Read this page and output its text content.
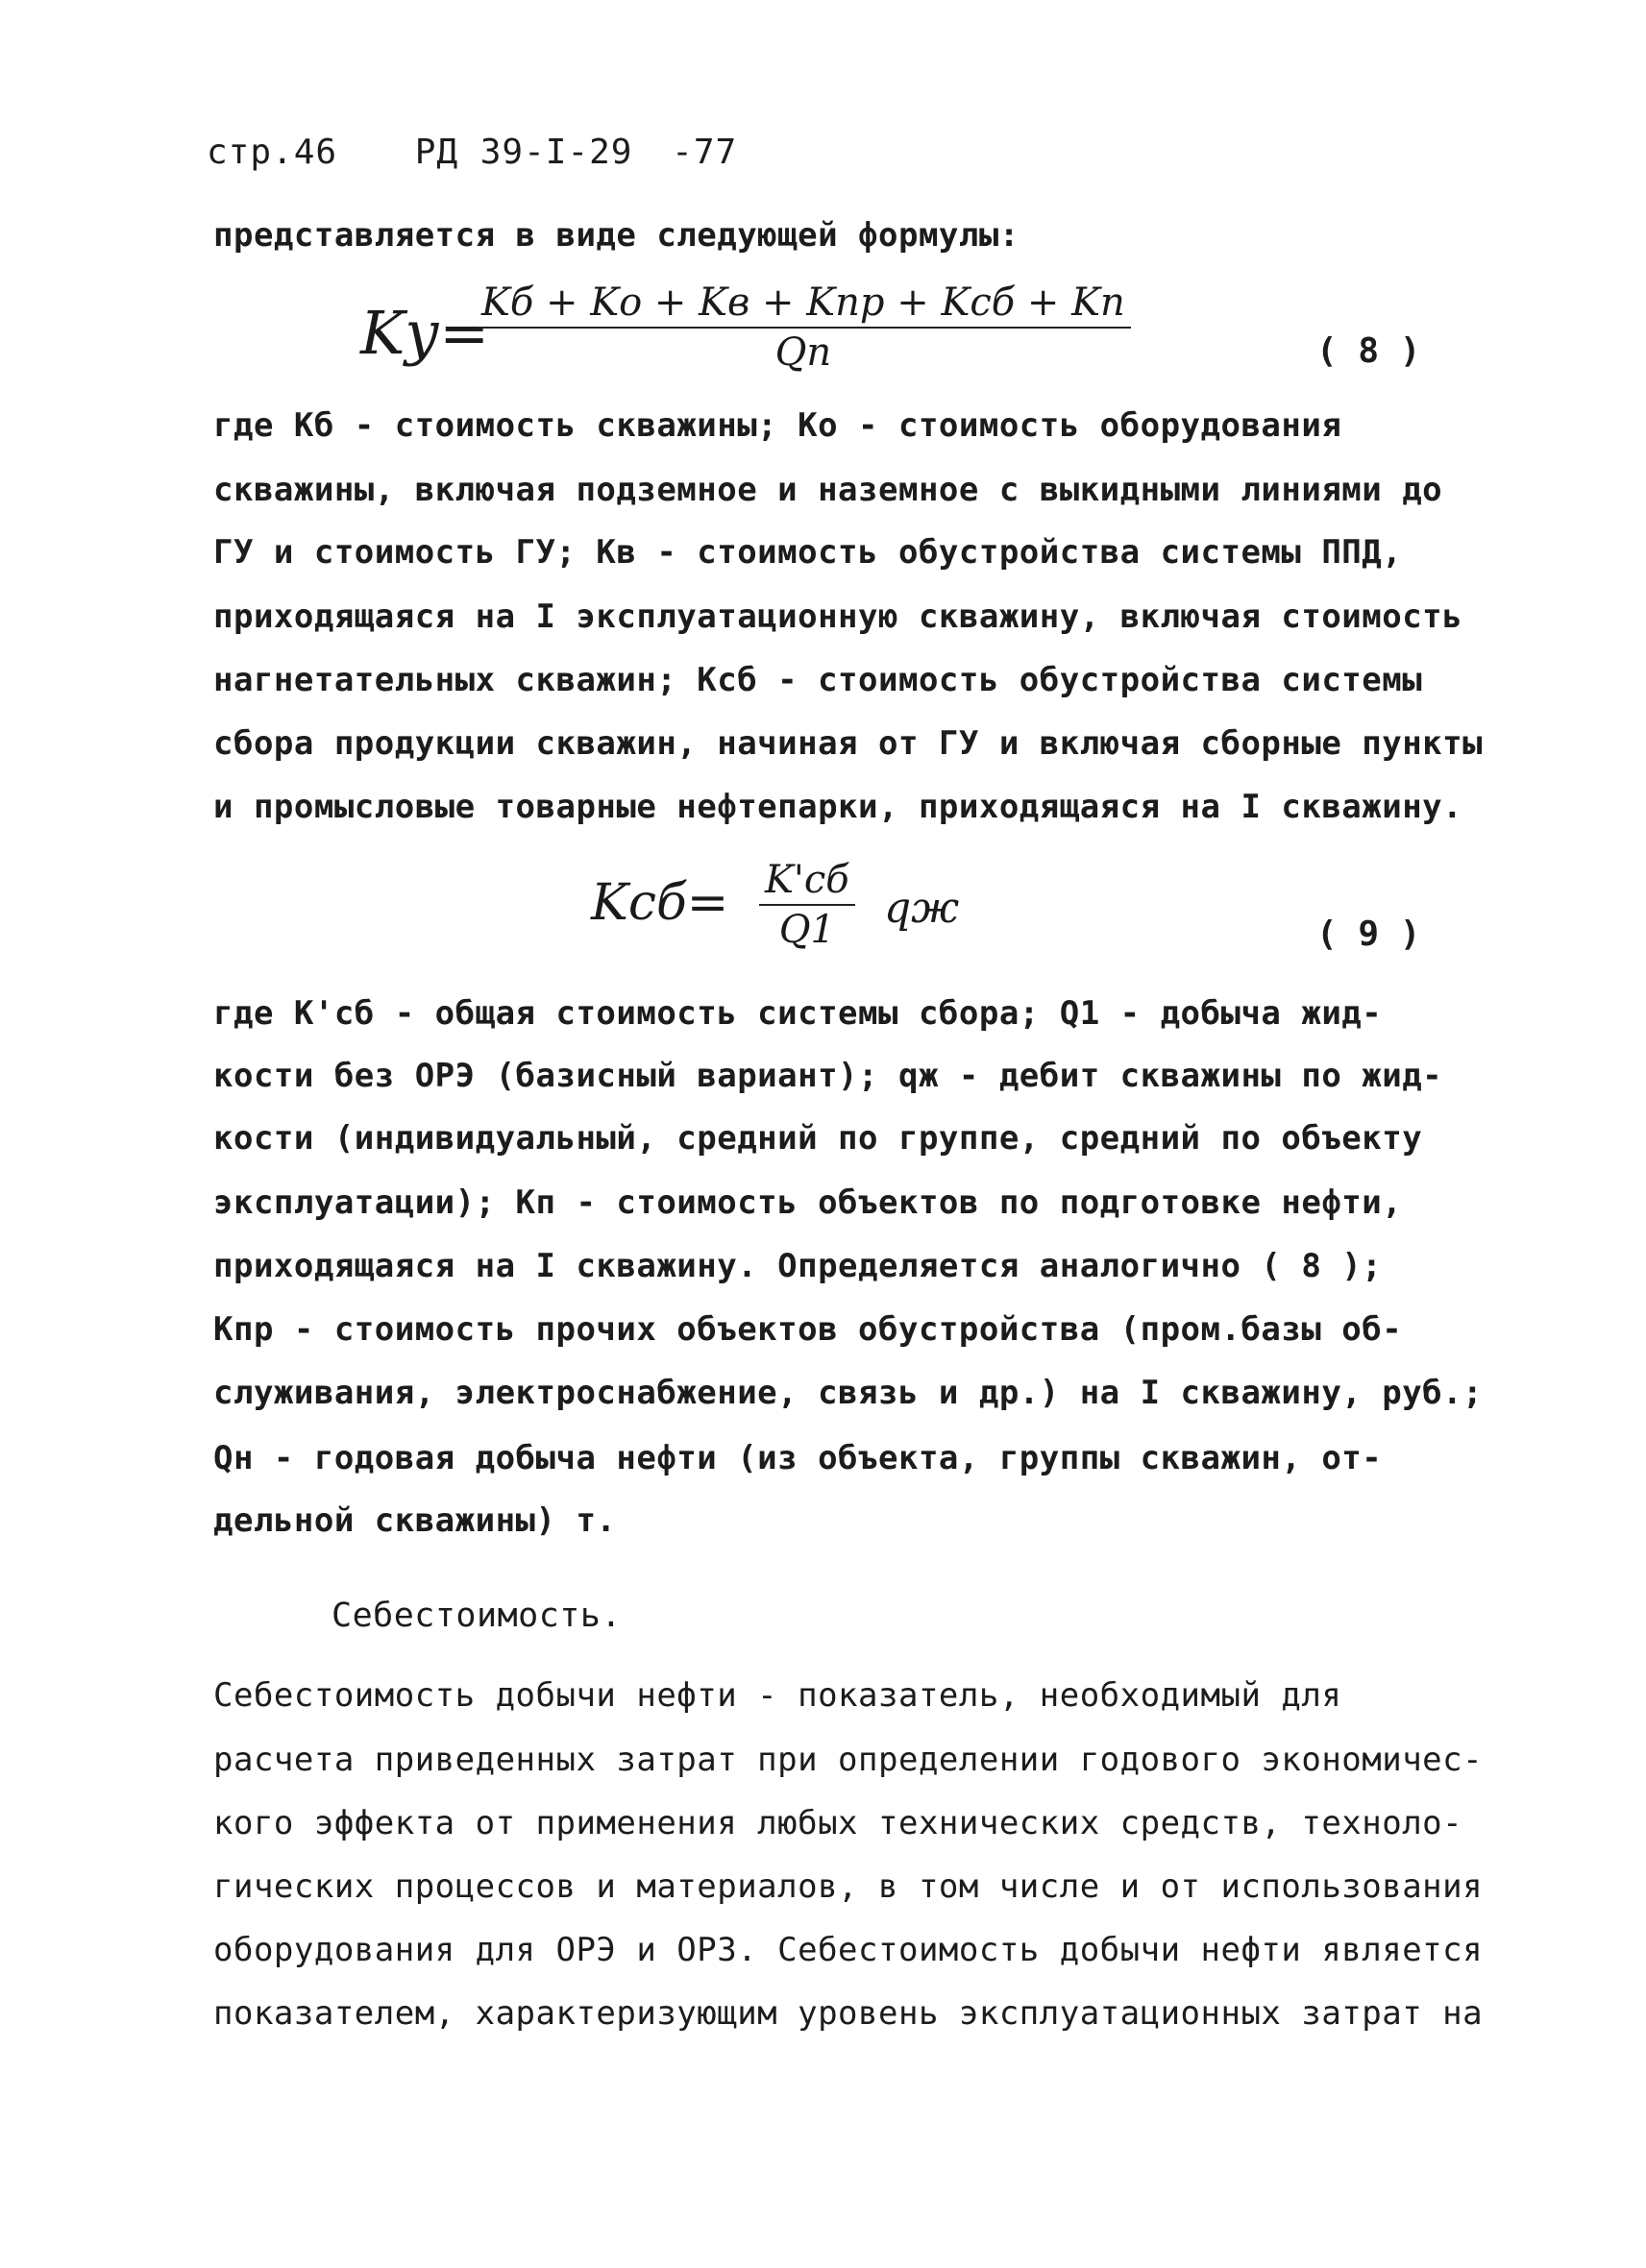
стр.46 РД 39-I-29 -77
представляется в виде следующей формулы:
Kу=
Kб + Kо + Kв + Kпр + Kсб + Kп
Qп	( 8 )
где Kб - стоимость скважины; Kо - стоимость оборудования
скважины, включая подземное и наземное с выкидными линиями до
ГУ и стоимость ГУ; Kв - стоимость обустройства системы ППД,
приходящаяся на I эксплуатационную скважину, включая стоимость
нагнетательных скважин; Kсб - стоимость обустройства системы
сбора продукции скважин, начиная от ГУ и включая сборные пункты
и промысловые товарные нефтепарки, приходящаяся на I скважину.
Kсб= K'сб
Q1	qж
( 9 )
где K'сб - общая стоимость системы сбора; Q1 - добыча жид-
кости без ОРЭ (базисный вариант); qж - дебит скважины по жид-
кости (индивидуальный, средний по группе, средний по объекту
эксплуатации); Kп - стоимость объектов по подготовке нефти,
приходящаяся на I скважину. Определяется аналогично ( 8 );
Kпр - стоимость прочих объектов обустройства (пром.базы об-
служивания, электроснабжение, связь и др.) на I скважину, руб.;
Qн - годовая добыча нефти (из объекта, группы скважин, от-
дельной скважины) т.
Себестоимость.
Себестоимость добычи нефти - показатель, необходимый для
расчета приведенных затрат при определении годового экономичес-
кого эффекта от применения любых технических средств, техноло-
гических процессов и материалов, в том числе и от использования
оборудования для ОРЭ и ОРЗ. Себестоимость добычи нефти является
показателем, характеризующим уровень эксплуатационных затрат на
